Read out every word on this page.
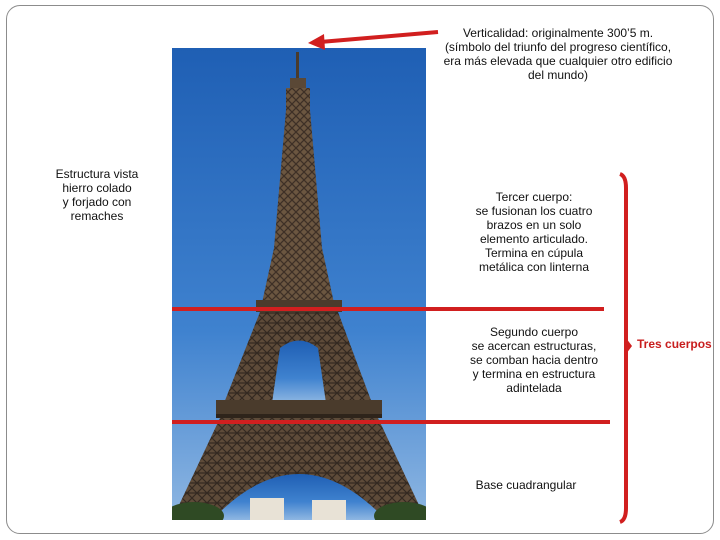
Verticalidad: originalmente 300’5 m.
(símbolo del triunfo del progreso científico,
era más elevada que cualquier otro edificio
del mundo)
Estructura vista
hierro colado
y forjado con
remaches
Tercer cuerpo:
se fusionan los cuatro
brazos en un solo
elemento articulado.
Termina en cúpula
metálica con linterna
Segundo cuerpo
se acercan estructuras,
se comban hacia dentro
y termina en estructura
adintelada
Base cuadrangular
Tres cuerpos
